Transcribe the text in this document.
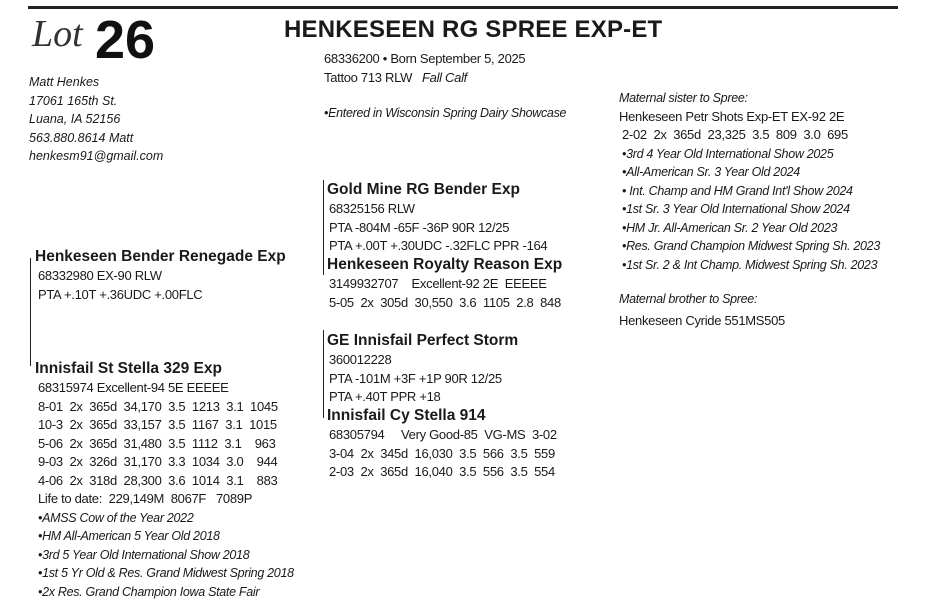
Lot 26
Matt Henkes
17061 165th St.
Luana, IA 52156
563.880.8614 Matt
henkesm91@gmail.com
HENKESEEN RG SPREE EXP-ET
68336200 • Born September 5, 2025
Tattoo 713 RLW Fall Calf
•Entered in Wisconsin Spring Dairy Showcase
Henkeseen Bender Renegade Exp
68332980 EX-90 RLW
PTA +.10T +.36UDC +.00FLC
Innisfail St Stella 329 Exp
68315974 Excellent-94 5E EEEEE
8-01  2x  365d  34,170  3.5  1213  3.1  1045
10-3  2x  365d  33,157  3.5  1167  3.1  1015
5-06  2x  365d  31,480  3.5  1112  3.1    963
9-03  2x  326d  31,170  3.3  1034  3.0    944
4-06  2x  318d  28,300  3.6  1014  3.1    883
Life to date:  229,149M  8067F   7089P
•AMSS Cow of the Year 2022
•HM All-American 5 Year Old 2018
•3rd 5 Year Old International Show 2018
•1st 5 Yr Old & Res. Grand Midwest Spring 2018
•2x Res. Grand Champion Iowa State Fair
Gold Mine RG Bender Exp
68325156 RLW
PTA -804M -65F -36P 90R 12/25
PTA +.00T +.30UDC -.32FLC PPR -164
Henkeseen Royalty Reason Exp
3149932707    Excellent-92 2E  EEEEE
5-05  2x  305d  30,550  3.6  1105  2.8  848
GE Innisfail Perfect Storm
360012228
PTA -101M +3F +1P 90R 12/25
PTA +.40T PPR +18
Innisfail Cy Stella 914
68305794     Very Good-85  VG-MS  3-02
3-04  2x  345d  16,030  3.5  566  3.5  559
2-03  2x  365d  16,040  3.5  556  3.5  554
Maternal sister to Spree:
Henkeseen Petr Shots Exp-ET EX-92 2E
2-02  2x  365d  23,325  3.5  809  3.0  695
•3rd 4 Year Old International Show 2025
•All-American Sr. 3 Year Old 2024
• Int. Champ and HM Grand Int'l Show 2024
•1st Sr. 3 Year Old International Show 2024
•HM Jr. All-American Sr. 2 Year Old 2023
•Res. Grand Champion Midwest Spring Sh. 2023
•1st Sr. 2 & Int Champ. Midwest Spring Sh. 2023
Maternal brother to Spree:
Henkeseen Cyride 551MS505
